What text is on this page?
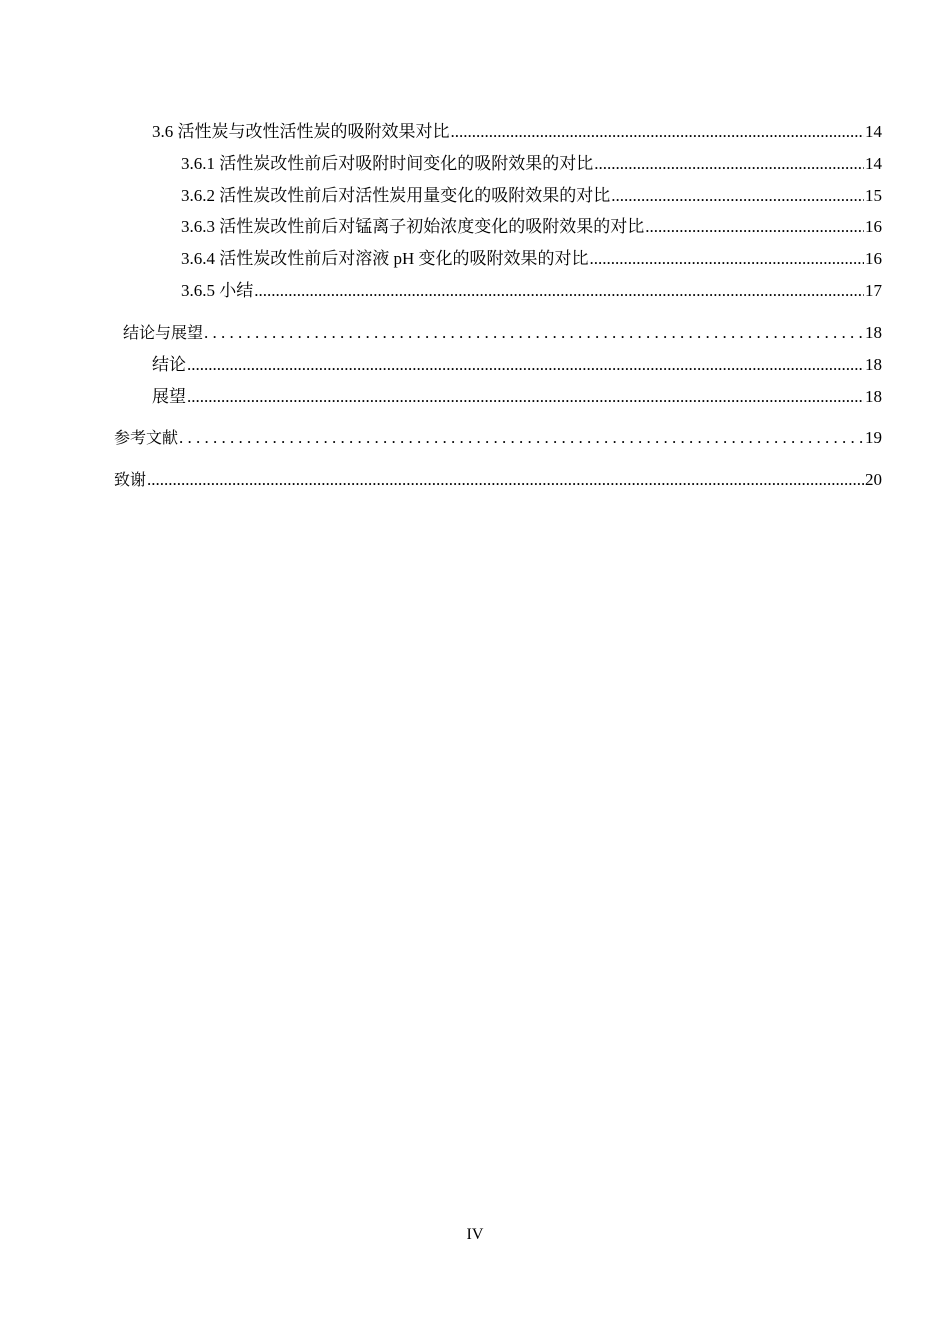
3.6 活性炭与改性活性炭的吸附效果对比 .....	14
3.6.1 活性炭改性前后对吸附时间变化的吸附效果的对比 .....	14
3.6.2 活性炭改性前后对活性炭用量变化的吸附效果的对比 .....	15
3.6.3 活性炭改性前后对锰离子初始浓度变化的吸附效果的对比 .....	16
3.6.4 活性炭改性前后对溶液 pH 变化的吸附效果的对比 .....	16
3.6.5 小结 .....	17
结论与展望 . . .	18
结论 .....	18
展望 .....	18
参考文献 . . .	19
致谢 .....	20
IV
